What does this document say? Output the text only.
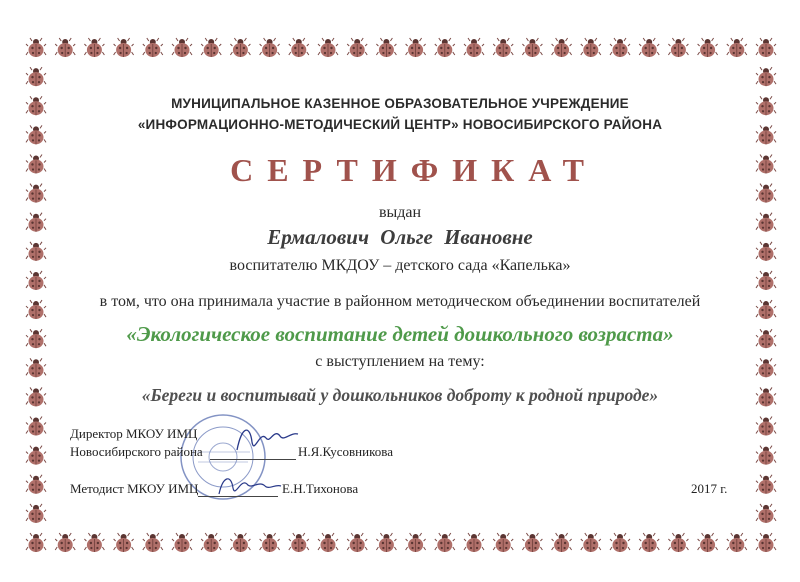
МУНИЦИПАЛЬНОЕ КАЗЕННОЕ ОБРАЗОВАТЕЛЬНОЕ УЧРЕЖДЕНИЕ
«ИНФОРМАЦИОННО-МЕТОДИЧЕСКИЙ ЦЕНТР» НОВОСИБИРСКОГО РАЙОНА
СЕРТИФИКАТ
выдан
Ермалович Ольге Ивановне
воспитателю МКДОУ – детского сада «Капелька»
в том, что она принимала участие в районном методическом объединении воспитателей
«Экологическое воспитание детей дошкольного возраста»
с выступлением на тему:
«Береги и воспитывай у дошкольников доброту к родной природе»
Директор МКОУ ИМЦ
Новосибирского района	Н.Я.Кусовникова
Методист МКОУ ИМЦ	Е.Н.Тихонова	2017 г.
